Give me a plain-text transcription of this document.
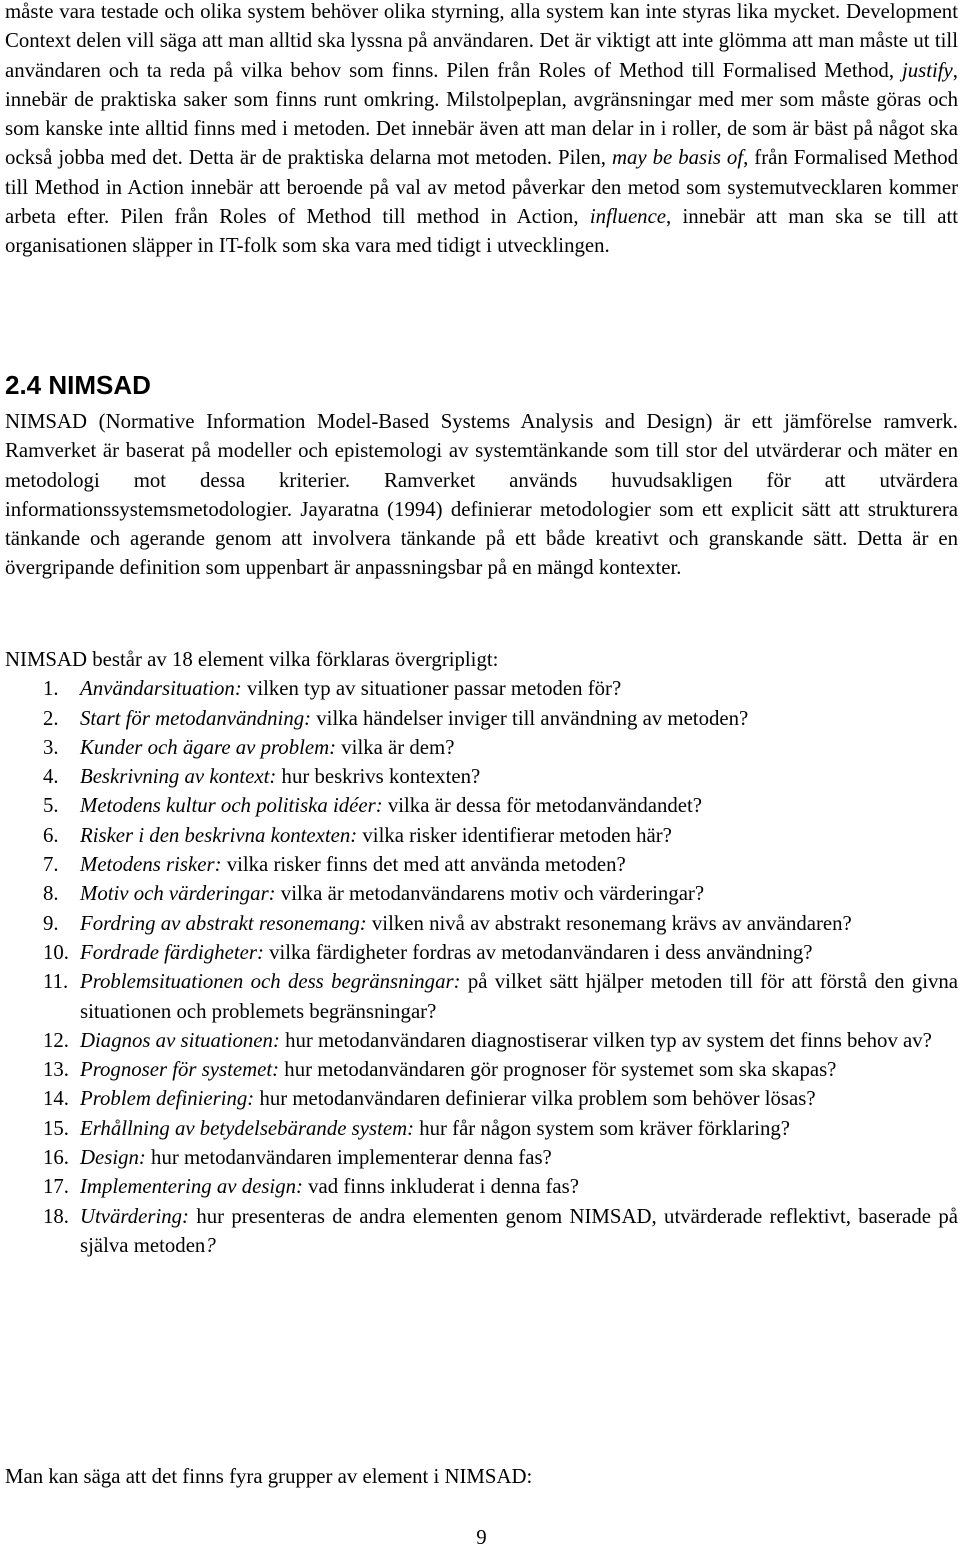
måste vara testade och olika system behöver olika styrning, alla system kan inte styras lika mycket. Development Context delen vill säga att man alltid ska lyssna på användaren. Det är viktigt att inte glömma att man måste ut till användaren och ta reda på vilka behov som finns. Pilen från Roles of Method till Formalised Method, justify, innebär de praktiska saker som finns runt omkring. Milstolpeplan, avgränsningar med mer som måste göras och som kanske inte alltid finns med i metoden. Det innebär även att man delar in i roller, de som är bäst på något ska också jobba med det. Detta är de praktiska delarna mot metoden. Pilen, may be basis of, från Formalised Method till Method in Action innebär att beroende på val av metod påverkar den metod som systemutvecklaren kommer arbeta efter. Pilen från Roles of Method till method in Action, influence, innebär att man ska se till att organisationen släpper in IT-folk som ska vara med tidigt i utvecklingen.

2.4 NIMSAD

NIMSAD (Normative Information Model-Based Systems Analysis and Design) är ett jämförelse ramverk. Ramverket är baserat på modeller och epistemologi av systemtänkande som till stor del utvärderar och mäter en metodologi mot dessa kriterier. Ramverket används huvudsakligen för att utvärdera informationssystemsmetodologier. Jayaratna (1994) definierar metodologier som ett explicit sätt att strukturera tänkande och agerande genom att involvera tänkande på ett både kreativt och granskande sätt. Detta är en övergripande definition som uppenbart är anpassningsbar på en mängd kontexter.

NIMSAD består av 18 element vilka förklaras övergripligt:

1. Användarsituation: vilken typ av situationer passar metoden för?
2. Start för metodanvändning: vilka händelser inviger till användning av metoden?
3. Kunder och ägare av problem: vilka är dem?
4. Beskrivning av kontext: hur beskrivs kontexten?
5. Metodens kultur och politiska idéer: vilka är dessa för metodanvändandet?
6. Risker i den beskrivna kontexten: vilka risker identifierar metoden här?
7. Metodens risker: vilka risker finns det med att använda metoden?
8. Motiv och värderingar: vilka är metodanvändarens motiv och värderingar?
9. Fordring av abstrakt resonemang: vilken nivå av abstrakt resonemang krävs av användaren?
10. Fordrade färdigheter: vilka färdigheter fordras av metodanvändaren i dess användning?
11. Problemsituationen och dess begränsningar: på vilket sätt hjälper metoden till för att förstå den givna situationen och problemets begränsningar?
12. Diagnos av situationen: hur metodanvändaren diagnostiserar vilken typ av system det finns behov av?
13. Prognoser för systemet: hur metodanvändaren gör prognoser för systemet som ska skapas?
14. Problem definiering: hur metodanvändaren definierar vilka problem som behöver lösas?
15. Erhållning av betydelsebärande system: hur får någon system som kräver förklaring?
16. Design: hur metodanvändaren implementerar denna fas?
17. Implementering av design: vad finns inkluderat i denna fas?
18. Utvärdering: hur presenteras de andra elementen genom NIMSAD, utvärderade reflektivt, baserade på själva metoden?

Man kan säga att det finns fyra grupper av element i NIMSAD:

9
